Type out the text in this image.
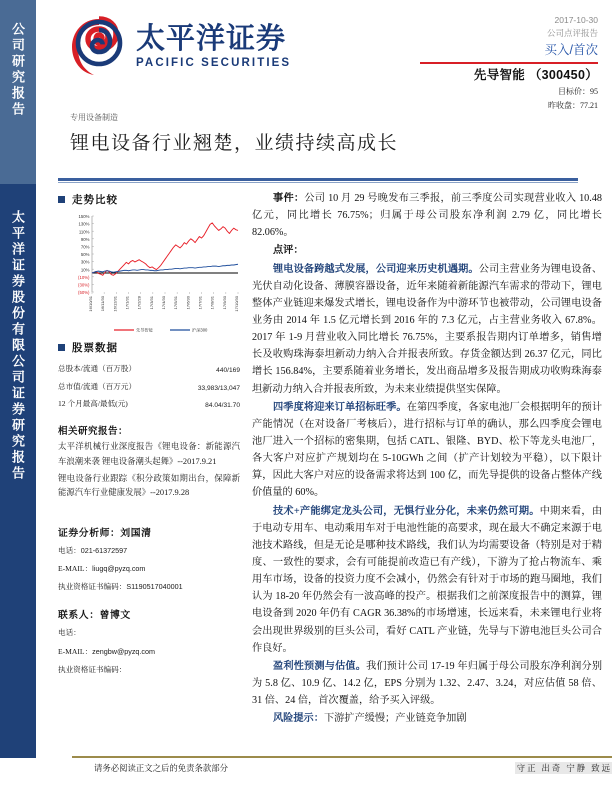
公司研究报告
太平洋证券股份有限公司证券研究报告
太平洋证券
PACIFIC SECURITIES
2017-10-30
公司点评报告
买入/首次
先导智能 （300450）
目标价：95
昨收盘：77.21
专用设备制造
锂电设备行业翘楚，业绩持续高成长
走势比较
150%
130%
110%
90%
70%
50%
30%
10%
(10%)
(30%)
(50%)
16/10/31 16/11/30 16/12/31 17/1/31 17/2/28 17/3/31 17/4/30 17/5/31 17/6/30 17/7/31 17/8/31 17/9/30 17/10/30
先导智能	沪深300
股票数据
总股本/流通（百万股）	440/169
总市值/流通（百万元）	33,983/13,047
12 个月最高/最低(元)	84.04/31.70
相关研究报告：
太平洋机械行业深度报告《锂电设备：新能源汽车浪潮来袭 锂电设备潮头起舞》--2017.9.21
锂电设备行业跟踪《积分政策如期出台，保障新能源汽车行业健康发展》--2017.9.28
证券分析师：刘国清
电话：021-61372597
E-MAIL：liugq@pyzq.com
执业资格证书编码：S1190517040001
联系人：曾博文
电话：
E-MAIL：zengbw@pyzq.com
执业资格证书编码：

事件：公司 10 月 29 号晚发布三季报，前三季度公司实现营业收入 10.48 亿元，同比增长 76.75%；归属于母公司股东净利润 2.79 亿，同比增长 82.06%。

点评：

锂电设备跨越式发展，公司迎来历史机遇期。公司主营业务为锂电设备、光伏自动化设备、薄膜容器设备，近年来随着新能源汽车需求的带动下，锂电整体产业链迎来爆发式增长，锂电设备作为中游环节也被带动，公司锂电设备业务由 2014 年 1.5 亿元增长到 2016 年的 7.3 亿元，占主营业务收入 67.8%。2017 年 1-9 月营业收入同比增长 76.75%，主要系报告期内订单增多，销售增长及收购珠海泰坦新动力纳入合并报表所致。存货金额达到 26.37 亿元，同比增长 156.84%，主要系随着业务增长，发出商品增多及报告期成功收购珠海泰坦新动力纳入合并报表所致，为未来业绩提供坚实保障。

四季度将迎来订单招标旺季。在第四季度，各家电池厂会根据明年的预计产能情况（在对设备厂考核后），进行招标与订单的确认，那么四季度会锂电池厂进入一个招标的密集期，包括 CATL、银隆、BYD、松下等龙头电池厂，各大客户对应扩产规划均在 5-10GWh 之间（扩产计划较为平稳），以下限计算，因此大客户对应的设备需求将达到 100 亿，而先导提供的设备占整体产线价值量的 60%。

技术+产能绑定龙头公司，无惧行业分化，未来仍然可期。中期来看，由于电动专用车、电动乘用车对于电池性能的高要求，现在最大不确定来源于电池技术路线，但是无论是哪种技术路线，我们认为均需要设备（特别是对于精度、一致性的要求，会有可能提前改造已有产线），下游为了抢占物流车、乘用车市场，设备的投资力度不会减小，仍然会有针对于市场的跑马圈地，我们认为 18-20 年仍然会有一波高峰的投产。根据我们之前深度报告中的测算，锂电设备到 2020 年仍有 CAGR 36.38%的市场增速，长远来看，未来锂电行业将会出现世界级别的巨头公司，看好 CATL 产业链，先导与下游电池巨头公司合作良好。

盈利性预测与估值。我们预计公司 17-19 年归属于母公司股东净利润分别为 5.8 亿、10.9 亿、14.2 亿，EPS 分别为 1.32、2.47、3.24，对应估值 58 倍、31 倍、24 倍，首次覆盖，给予买入评级。

风险提示：下游扩产缓慢；产业链竞争加剧

请务必阅读正文之后的免责条款部分	守正 出奇 宁静 致远
